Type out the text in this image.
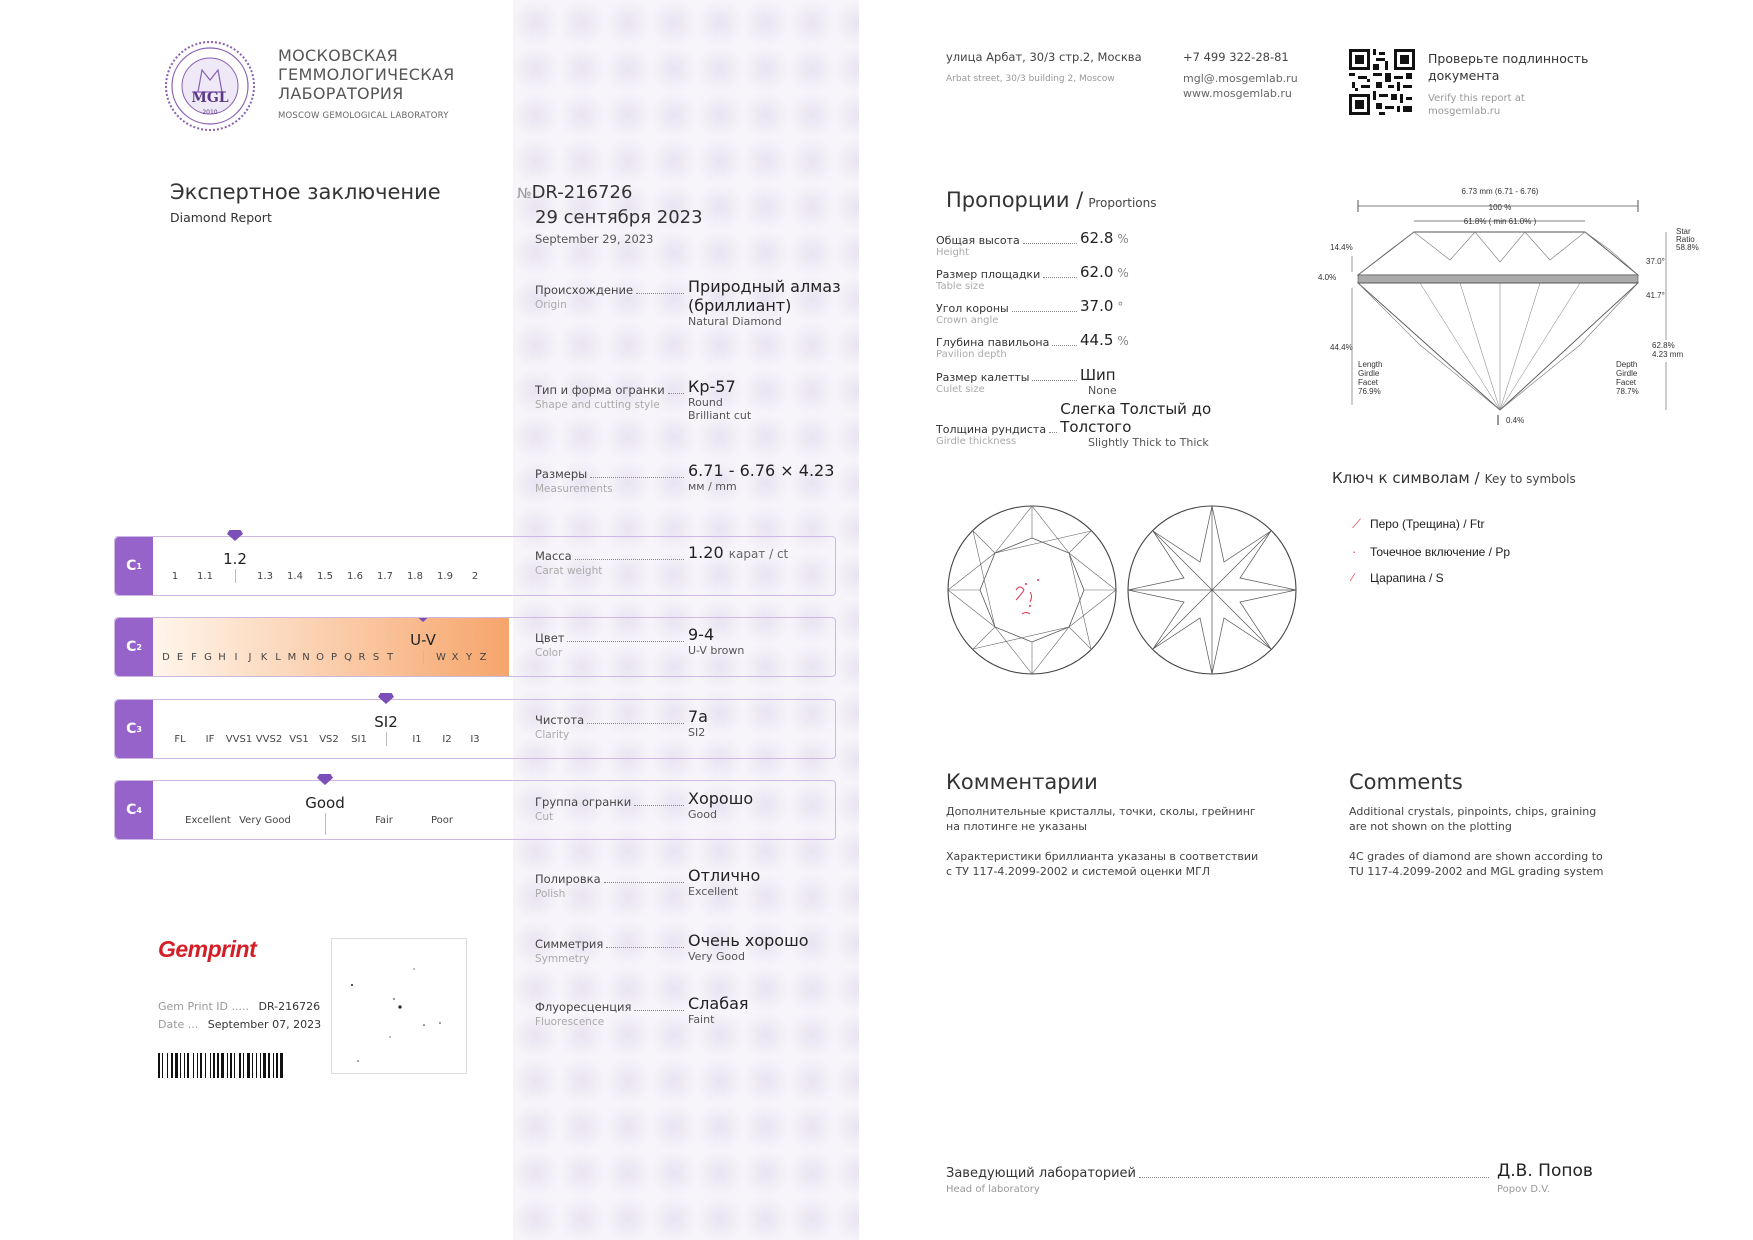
MGL
2010
МОСКОВСКАЯ
ГЕММОЛОГИЧЕСКАЯ
ЛАБОРАТОРИЯ
MOSCOW GEMOLOGICAL LABORATORY
улица Арбат, 30/3 стр.2, Москва
Arbat street, 30/3 building 2, Moscow
+7 499 322-28-81
mgl@.mosgemlab.ru
www.mosgemlab.ru
Проверьте подлинность документа
Verify this report at mosgemlab.ru
Экспертное заключение
Diamond Report
№DR-216726
29 сентября 2023
September 29, 2023
Происхождение
Origin
Природный алмаз
(бриллиант)
Natural Diamond
Тип и форма огранки
Shape and cutting style
Кр-57
Round
Brilliant cut
Размеры
Measurements
6.71 - 6.76 × 4.23
мм / mm
Масса
Carat weight
1.20 карат / ct
Цвет
Color
9-4
U-V brown
Чистота
Clarity
7a
SI2
Группа огранки
Cut
Хорошо
Good
Полировка
Polish
Отлично
Excellent
Симметрия
Symmetry
Очень хорошо
Very Good
Флуоресценция
Fluorescence
Слабая
Faint
C 1
1	1.1	1.3	1.4	1.5	1.6	1.7	1.8	1.9	2
1.2
C 2
D E F G H I	J K L M N O P Q R S T	W X Y Z
U-V
C 3
FL	IF	VVS1 VVS2 VS1	VS2	SI1	I1	I2	I3
SI2
C 4
Excellent Very Good	Fair	Poor
Good
Пропорции / Proportions
Общая высота	62.8 %
Height
Размер площадки	62.0 %
Table size
Угол короны	37.0 °
Crown angle
Глубина павильона 44.5 %
Pavilion depth
Размер калетты	Шип
Culet size	None
Толщина рундиста
Слегка Толстый до Толстого
Girdle thickness	Slightly Thick to Thick
6.73 mm (6.71 - 6.76)
100 %
61.8% ( min 61.0% )
14.4%
4.0%
44.4%
Length
Girdle
Facet
76.9%
Star
Ratio
58.8%
37.0°
41.7°
62.8%
4.23 mm
Depth
Girdle
Facet
78.7%
0.4%
Ключ к символам / Key to symbols
⟋ Перо (Трещина) / Ftr
·	Точечное включение / Pp
⁄	Царапина / S
Комментарии
Дополнительные кристаллы, точки, сколы, грейнинг
на плотинге не указаны
Характеристики бриллианта указаны в соответствии
с ТУ 117-4.2099-2002 и системой оценки МГЛ
Comments
Additional crystals, pinpoints, chips, graining
are not shown on the plotting
4C grades of diamond are shown according to
TU 117-4.2099-2002 and MGL grading system
Gemprint
Gem Print ID ..... DR-216726
Date ... September 07, 2023
Заведующий лабораторией
Head of laboratory
Д.В. Попов
Popov D.V.
